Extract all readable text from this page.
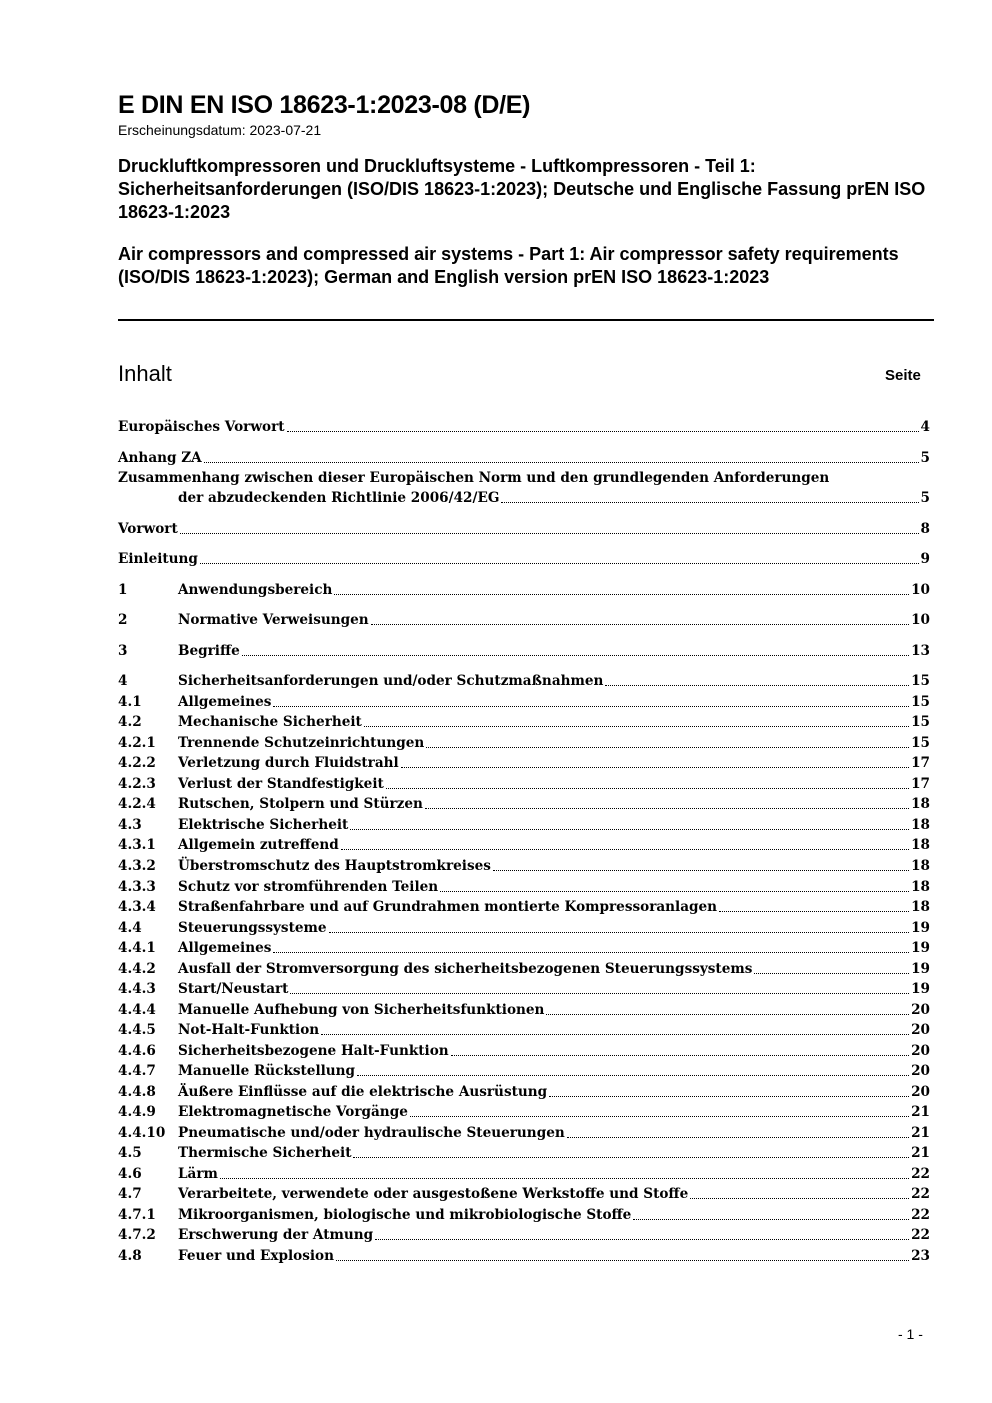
E DIN EN ISO 18623-1:2023-08 (D/E)
Erscheinungsdatum: 2023-07-21
Druckluftkompressoren und Druckluftsysteme - Luftkompressoren - Teil 1: Sicherheitsanforderungen (ISO/DIS 18623-1:2023); Deutsche und Englische Fassung prEN ISO 18623-1:2023
Air compressors and compressed air systems - Part 1: Air compressor safety requirements (ISO/DIS 18623-1:2023); German and English version prEN ISO 18623-1:2023
Inhalt	Seite
Europäisches Vorwort	4
Anhang ZA	5
Zusammenhang zwischen dieser Europäischen Norm und den grundlegenden Anforderungen
der abzudeckenden Richtlinie 2006/42/EG	5
Vorwort	8
Einleitung	9
1	Anwendungsbereich	10
2	Normative Verweisungen	10
3	Begriffe	13
4	Sicherheitsanforderungen und/oder Schutzmaßnahmen	15
4.1	Allgemeines	15
4.2	Mechanische Sicherheit	15
4.2.1	Trennende Schutzeinrichtungen	15
4.2.2	Verletzung durch Fluidstrahl	17
4.2.3	Verlust der Standfestigkeit	17
4.2.4	Rutschen, Stolpern und Stürzen	18
4.3	Elektrische Sicherheit	18
4.3.1	Allgemein zutreffend	18
4.3.2	Überstromschutz des Hauptstromkreises	18
4.3.3	Schutz vor stromführenden Teilen	18
4.3.4	Straßenfahrbare und auf Grundrahmen montierte Kompressoranlagen	18
4.4	Steuerungssysteme	19
4.4.1	Allgemeines	19
4.4.2	Ausfall der Stromversorgung des sicherheitsbezogenen Steuerungssystems	19
4.4.3	Start/Neustart	19
4.4.4	Manuelle Aufhebung von Sicherheitsfunktionen	20
4.4.5	Not-Halt-Funktion	20
4.4.6	Sicherheitsbezogene Halt-Funktion	20
4.4.7	Manuelle Rückstellung	20
4.4.8	Äußere Einflüsse auf die elektrische Ausrüstung	20
4.4.9	Elektromagnetische Vorgänge	21
4.4.10 Pneumatische und/oder hydraulische Steuerungen	21
4.5	Thermische Sicherheit	21
4.6	Lärm	22
4.7	Verarbeitete, verwendete oder ausgestoßene Werkstoffe und Stoffe	22
4.7.1	Mikroorganismen, biologische und mikrobiologische Stoffe	22
4.7.2	Erschwerung der Atmung	22
4.8	Feuer und Explosion	23
- 1 -
